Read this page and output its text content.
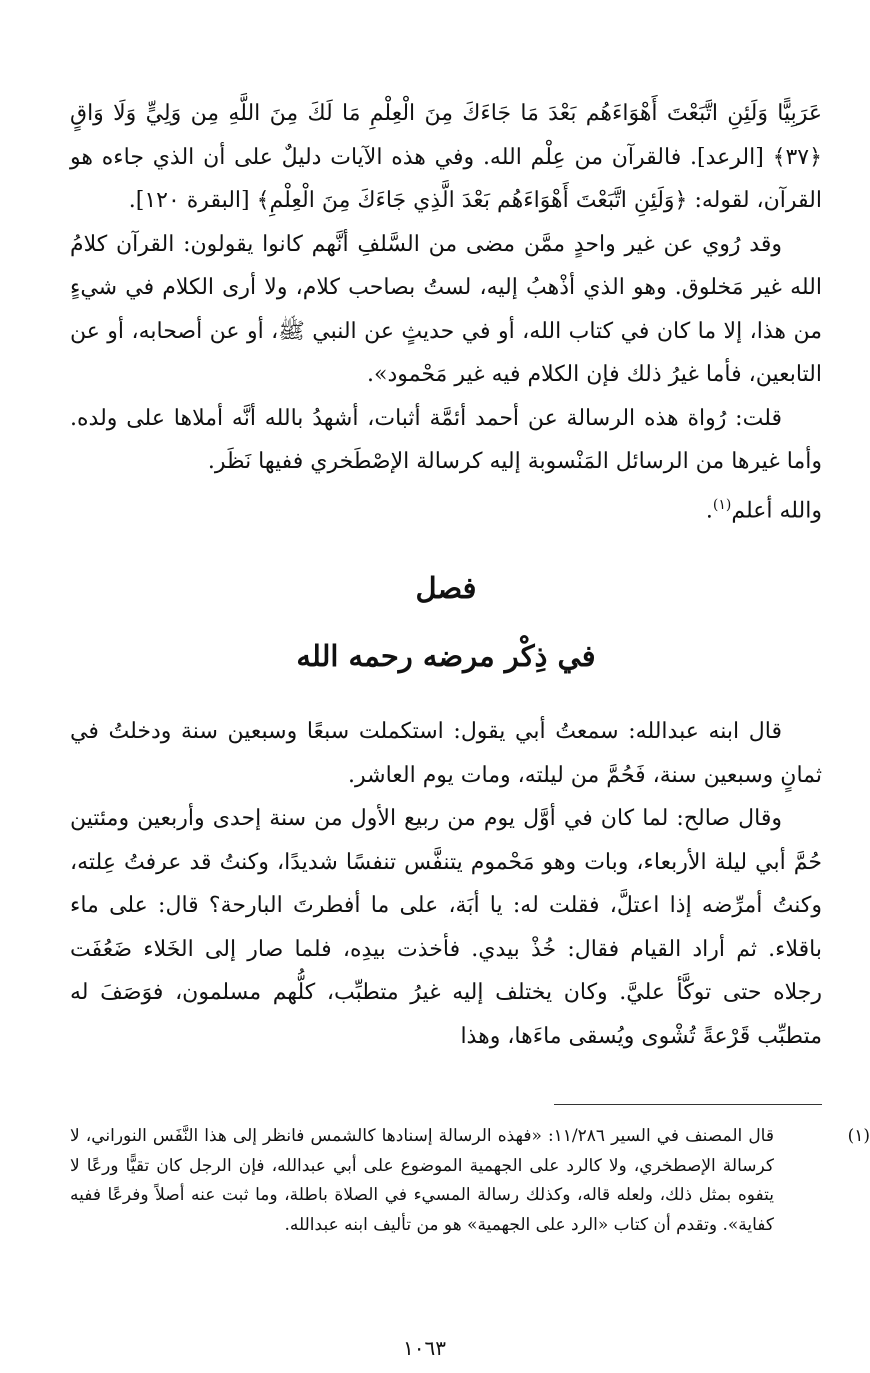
عَرَبِيًّا وَلَئِنِ اتَّبَعْتَ أَهْوَاءَهُم بَعْدَ مَا جَاءَكَ مِنَ الْعِلْمِ مَا لَكَ مِنَ اللَّهِ مِن وَلِيٍّ وَلَا وَاقٍ ﴿٣٧﴾ [الرعد]. فالقرآن من عِلْم الله. وفي هذه الآيات دليلٌ على أن الذي جاءه هو القرآن، لقوله: ﴿وَلَئِنِ اتَّبَعْتَ أَهْوَاءَهُم بَعْدَ الَّذِي جَاءَكَ مِنَ الْعِلْمِ﴾ [البقرة ١٢٠].

وقد رُوي عن غير واحدٍ ممَّن مضى من السَّلفِ أنَّهم كانوا يقولون: القرآن كلامُ الله غير مَخلوق. وهو الذي أذْهبُ إليه، لستُ بصاحب كلام، ولا أرى الكلام في شيءٍ من هذا، إلا ما كان في كتاب الله، أو في حديثٍ عن النبي ﷺ، أو عن أصحابه، أو عن التابعين، فأما غيرُ ذلك فإن الكلام فيه غير مَحْمود».

قلت: رُواة هذه الرسالة عن أحمد أئمَّة أثبات، أشهدُ بالله أنَّه أملاها على ولده. وأما غيرها من الرسائل المَنْسوبة إليه كرسالة الإصْطَخري ففيها نَظَر.

والله أعلم$^{(١)}$.

فصل

في ذِكْر مرضه رحمه الله

قال ابنه عبدالله: سمعتُ أبي يقول: استكملت سبعًا وسبعين سنة ودخلتُ في ثمانٍ وسبعين سنة، فَحُمَّ من ليلته، ومات يوم العاشر.

وقال صالح: لما كان في أوَّل يوم من ربيع الأول من سنة إحدى وأربعين ومئتين حُمَّ أبي ليلة الأربعاء، وبات وهو مَحْموم يتنفَّس تنفسًا شديدًا، وكنتُ قد عرفتُ عِلته، وكنتُ أمرِّضه إذا اعتلَّ، فقلت له: يا أبَة، على ما أفطرتَ البارحة؟ قال: على ماء باقلاء. ثم أراد القيام فقال: خُذْ بيدي. فأخذت بيدِه، فلما صار إلى الخَلاء ضَعُفَت رجلاه حتى توكَّأ عليَّ. وكان يختلف إليه غيرُ متطبِّب، كلُّهم مسلمون، فوَصَفَ له متطبِّب قَرْعةً تُشْوى ويُسقى ماءَها، وهذا

(١)قال المصنف في السير ١١/٢٨٦: «فهذه الرسالة إسنادها كالشمس فانظر إلى هذا النَّفَس النوراني، لا كرسالة الإصطخري، ولا كالرد على الجهمية الموضوع على أبي عبدالله، فإن الرجل كان تقيًّا ورعًا لا يتفوه بمثل ذلك، ولعله قاله، وكذلك رسالة المسيء في الصلاة باطلة، وما ثبت عنه أصلاً وفرعًا ففيه كفاية». وتقدم أن كتاب «الرد على الجهمية» هو من تأليف ابنه عبدالله.
١٠٦٣
